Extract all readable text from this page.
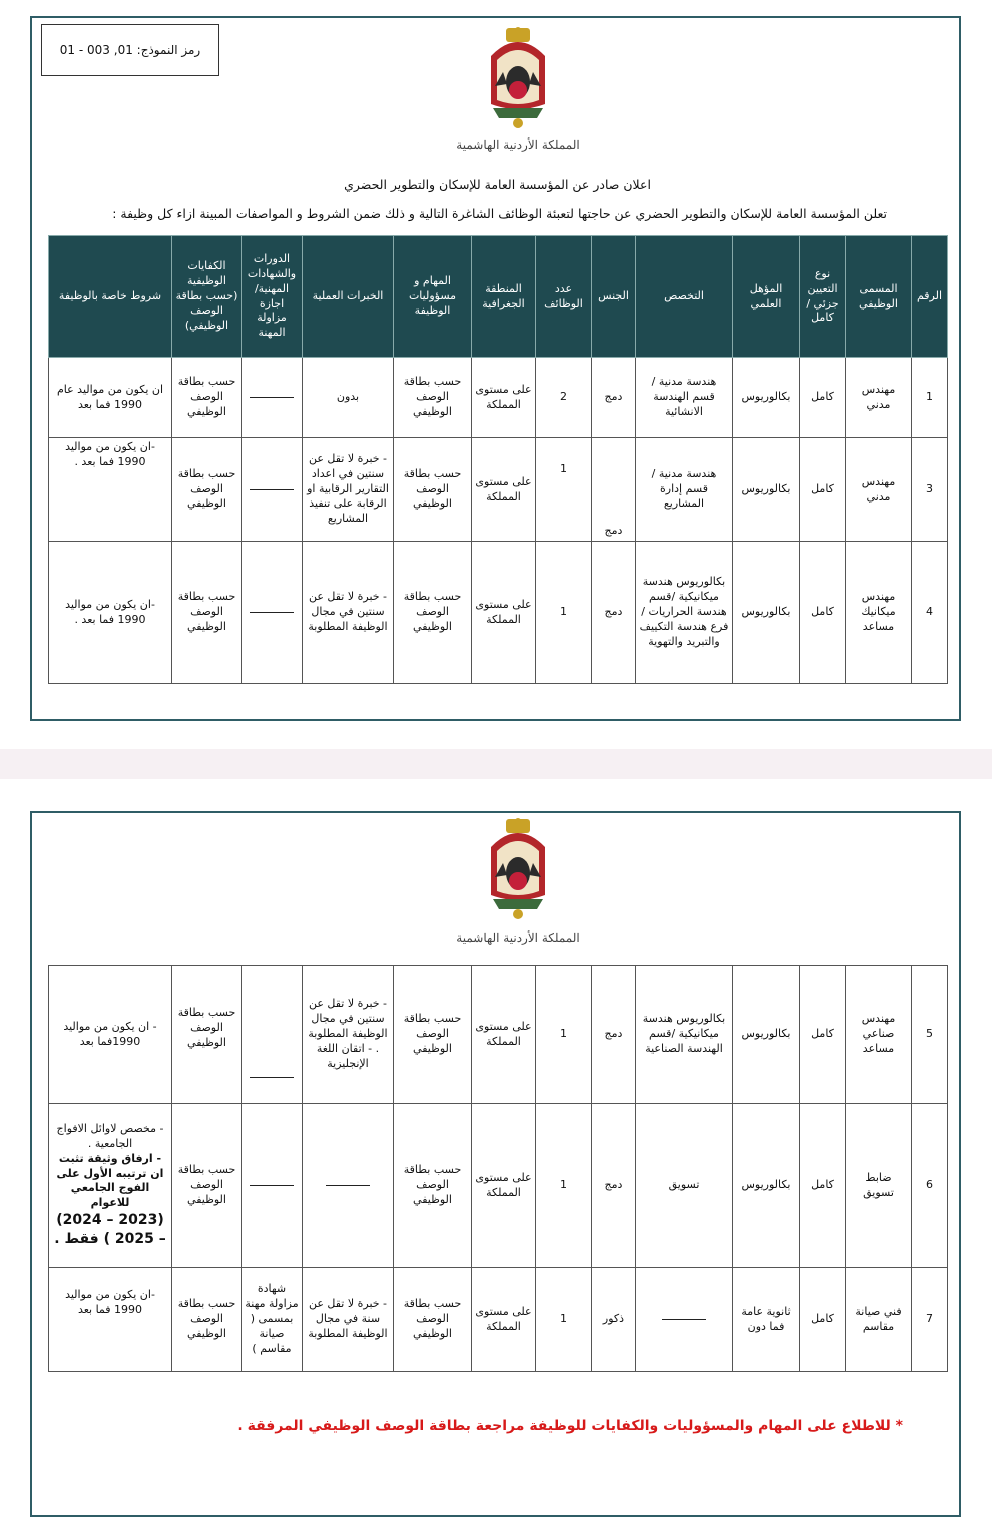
رمز النموذج: 01, 003 - 01
المملكة الأردنية الهاشمية
اعلان صادر عن المؤسسة العامة للإسكان والتطوير الحضري
تعلن المؤسسة العامة للإسكان والتطوير الحضري عن حاجتها لتعبئة الوظائف الشاغرة التالية و ذلك ضمن الشروط و المواصفات المبينة ازاء كل وظيفة :
الرقم	المسمى الوظيفي	نوع التعيين جزئي /كامل	المؤهل العلمي	التخصص	الجنس	عدد الوظائف	المنطقة الجغرافية	المهام و مسؤوليات الوظيفة	الخبرات العملية	الدورات والشهادات المهنية/اجازة مزاولة المهنة	الكفايات الوظيفية (حسب بطاقة الوصف الوظيفي)	شروط خاصة بالوظيفة
1	مهندس مدني	كامل	بكالوريوس	هندسة مدنية / قسم الهندسة الانشائية	دمج	2	على مستوى المملكة	حسب بطاقة الوصف الوظيفي	بدون		حسب بطاقة الوصف الوظيفي	ان يكون من مواليد عام 1990 فما بعد
3	مهندس مدني	كامل	بكالوريوس	هندسة مدنية / قسم إدارة المشاريع	دمج	1	على مستوى المملكة	حسب بطاقة الوصف الوظيفي	- خبرة لا تقل عن سنتين في اعداد التقارير الرقابية او الرقابة على تنفيذ المشاريع		حسب بطاقة الوصف الوظيفي	-ان يكون من مواليد 1990 فما بعد .
4	مهندس ميكانيك مساعد	كامل	بكالوريوس	بكالوريوس هندسة ميكانيكية /قسم هندسة الحراريات /فرع هندسة التكييف والتبريد والتهوية	دمج	1	على مستوى المملكة	حسب بطاقة الوصف الوظيفي	- خبرة لا تقل عن سنتين في مجال الوظيفة المطلوبة		حسب بطاقة الوصف الوظيفي	-ان يكون من مواليد 1990 فما بعد .
المملكة الأردنية الهاشمية
5	مهندس صناعي مساعد	كامل	بكالوريوس	بكالوريوس هندسة ميكانيكية /قسم الهندسة الصناعية	دمج	1	على مستوى المملكة	حسب بطاقة الوصف الوظيفي	- خبرة لا تقل عن سنتين في مجال الوظيفة المطلوبة . - اتقان اللغة الإنجليزية		حسب بطاقة الوصف الوظيفي	- ان يكون من مواليد 1990فما بعد
6	ضابط تسويق	كامل	بكالوريوس	تسويق	دمج	1	على مستوى المملكة	حسب بطاقة الوصف الوظيفي			حسب بطاقة الوصف الوظيفي	- مخصص لاوائل الافواج الجامعية .
- ارفاق وثيقة تثبت ان ترتيبه الأول على الفوج الجامعي للاعوام
(2023 – 2024) – 2025 ) فقط .

7	فني صيانة مقاسم	كامل	ثانوية عامة فما دون		ذكور	1	على مستوى المملكة	حسب بطاقة الوصف الوظيفي	- خبرة لا تقل عن سنة في مجال الوظيفة المطلوبة	شهادة مزاولة مهنة بمسمى ( صيانة مقاسم )	حسب بطاقة الوصف الوظيفي	-ان يكون من مواليد 1990 فما بعد
* للاطلاع على المهام والمسؤوليات والكفايات للوظيفة مراجعة بطاقة الوصف الوظيفي المرفقة .
